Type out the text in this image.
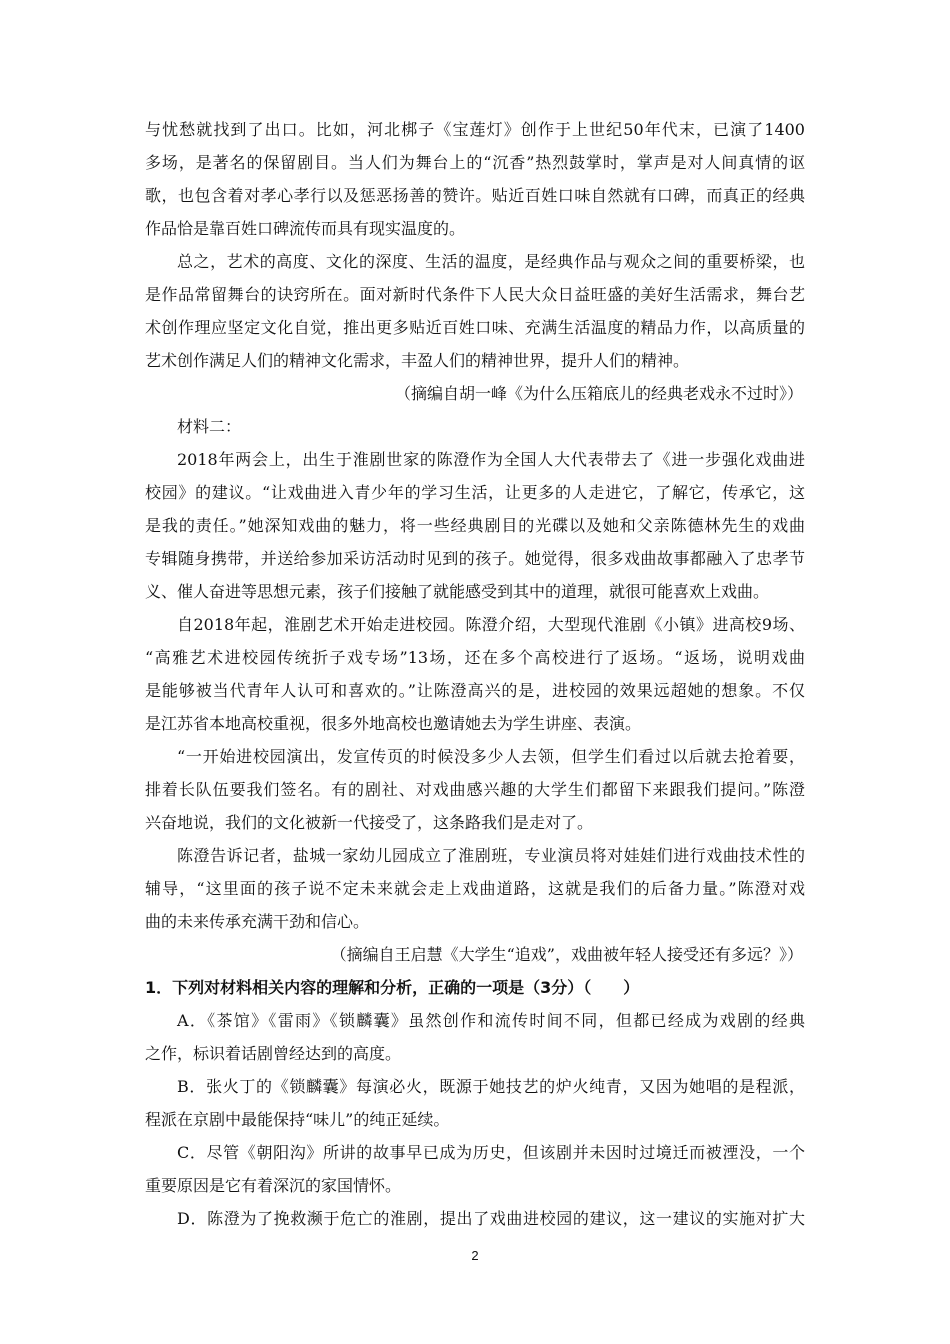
与忧愁就找到了出口。比如，河北梆子《宝莲灯》创作于上世纪50年代末，已演了1400
多场，是著名的保留剧目。当人们为舞台上的“沉香”热烈鼓掌时，掌声是对人间真情的讴
歌，也包含着对孝心孝行以及惩恶扬善的赞许。贴近百姓口味自然就有口碑，而真正的经典
作品恰是靠百姓口碑流传而具有现实温度的。
总之，艺术的高度、文化的深度、生活的温度，是经典作品与观众之间的重要桥梁，也
是作品常留舞台的诀窍所在。面对新时代条件下人民大众日益旺盛的美好生活需求，舞台艺
术创作理应坚定文化自觉，推出更多贴近百姓口味、充满生活温度的精品力作，以高质量的
艺术创作满足人们的精神文化需求，丰盈人们的精神世界，提升人们的精神。
（摘编自胡一峰《为什么压箱底儿的经典老戏永不过时》）
材料二：
2018年两会上，出生于淮剧世家的陈澄作为全国人大代表带去了《进一步强化戏曲进
校园》的建议。“让戏曲进入青少年的学习生活，让更多的人走进它，了解它，传承它，这
是我的责任。”她深知戏曲的魅力，将一些经典剧目的光碟以及她和父亲陈德林先生的戏曲
专辑随身携带，并送给参加采访活动时见到的孩子。她觉得，很多戏曲故事都融入了忠孝节
义、催人奋进等思想元素，孩子们接触了就能感受到其中的道理，就很可能喜欢上戏曲。
自2018年起，淮剧艺术开始走进校园。陈澄介绍，大型现代淮剧《小镇》进高校9场、
“高雅艺术进校园传统折子戏专场”13场，还在多个高校进行了返场。“返场，说明戏曲
是能够被当代青年人认可和喜欢的。”让陈澄高兴的是，进校园的效果远超她的想象。不仅
是江苏省本地高校重视，很多外地高校也邀请她去为学生讲座、表演。
“一开始进校园演出，发宣传页的时候没多少人去领，但学生们看过以后就去抢着要，
排着长队伍要我们签名。有的剧社、对戏曲感兴趣的大学生们都留下来跟我们提问。”陈澄
兴奋地说，我们的文化被新一代接受了，这条路我们是走对了。
陈澄告诉记者，盐城一家幼儿园成立了淮剧班，专业演员将对娃娃们进行戏曲技术性的
辅导，“这里面的孩子说不定未来就会走上戏曲道路，这就是我们的后备力量。”陈澄对戏
曲的未来传承充满干劲和信心。
（摘编自王启慧《大学生“追戏”，戏曲被年轻人接受还有多远？》）
1．下列对材料相关内容的理解和分析，正确的一项是（3分）（　　）
A．《茶馆》《雷雨》《锁麟囊》虽然创作和流传时间不同，但都已经成为戏剧的经典
之作，标识着话剧曾经达到的高度。
B．张火丁的《锁麟囊》每演必火，既源于她技艺的炉火纯青，又因为她唱的是程派，
程派在京剧中最能保持“味儿”的纯正延续。
C．尽管《朝阳沟》所讲的故事早已成为历史，但该剧并未因时过境迁而被湮没，一个
重要原因是它有着深沉的家国情怀。
D．陈澄为了挽救濒于危亡的淮剧，提出了戏曲进校园的建议，这一建议的实施对扩大
2
